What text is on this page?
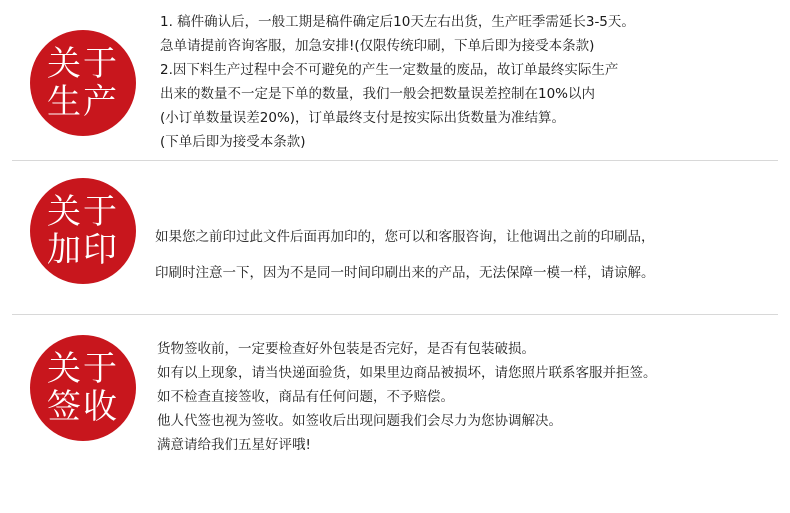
关于
生产
1. 稿件确认后，一般工期是稿件确定后10天左右出货，生产旺季需延长3-5天。
急单请提前咨询客服，加急安排!(仅限传统印刷，下单后即为接受本条款)
2.因下料生产过程中会不可避免的产生一定数量的废品，故订单最终实际生产
出来的数量不一定是下单的数量，我们一般会把数量误差控制在10%以内
(小订单数量误差20%)，订单最终支付是按实际出货数量为准结算。
(下单后即为接受本条款)
关于
加印	如果您之前印过此文件后面再加印的，您可以和客服咨询，让他调出之前的印刷品，
印刷时注意一下，因为不是同一时间印刷出来的产品，无法保障一模一样，请谅解。
关于
签收
货物签收前，一定要检查好外包装是否完好，是否有包装破损。
如有以上现象，请当快递面验货，如果里边商品被损坏，请您照片联系客服并拒签。
如不检查直接签收，商品有任何问题，不予赔偿。
他人代签也视为签收。如签收后出现问题我们会尽力为您协调解决。
满意请给我们五星好评哦!
